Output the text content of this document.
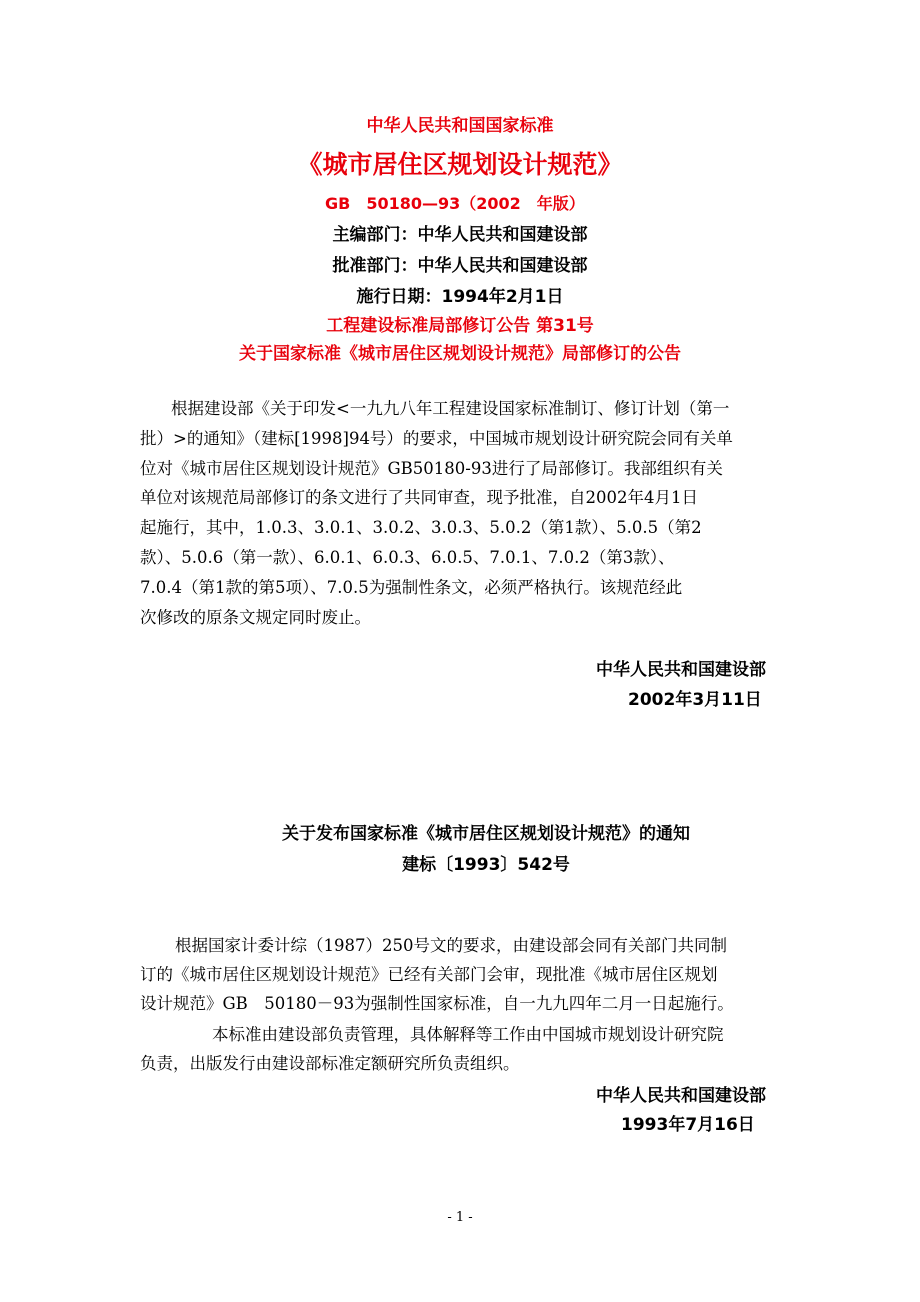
中华人民共和国国家标准
《城市居住区规划设计规范》
GB　50180—93（2002　年版）
主编部门：中华人民共和国建设部
批准部门：中华人民共和国建设部
施行日期：1994年2月1日
工程建设标准局部修订公告 第31号
关于国家标准《城市居住区规划设计规范》局部修订的公告
根据建设部《关于印发<一九九八年工程建设国家标准制订、修订计划（第一
批）>的通知》（建标[1998]94号）的要求，中国城市规划设计研究院会同有关单
位对《城市居住区规划设计规范》GB50180-93进行了局部修订。我部组织有关
单位对该规范局部修订的条文进行了共同审查，现予批准，自2002年4月1日
起施行，其中，1.0.3、3.0.1、3.0.2、3.0.3、5.0.2（第1款）、5.0.5（第2
款）、5.0.6（第一款）、6.0.1、6.0.3、6.0.5、7.0.1、7.0.2（第3款）、
7.0.4（第1款的第5项）、7.0.5为强制性条文，必须严格执行。该规范经此
次修改的原条文规定同时废止。
中华人民共和国建设部
2002年3月11日
关于发布国家标准《城市居住区规划设计规范》的通知
建标〔1993〕542号
根据国家计委计综（1987）250号文的要求，由建设部会同有关部门共同制
订的《城市居住区规划设计规范》已经有关部门会审，现批准《城市居住区规划
设计规范》GB　50180－93为强制性国家标准，自一九九四年二月一日起施行。
本标准由建设部负责管理，具体解释等工作由中国城市规划设计研究院
负责，出版发行由建设部标准定额研究所负责组织。
中华人民共和国建设部
1993年7月16日
- 1 -
